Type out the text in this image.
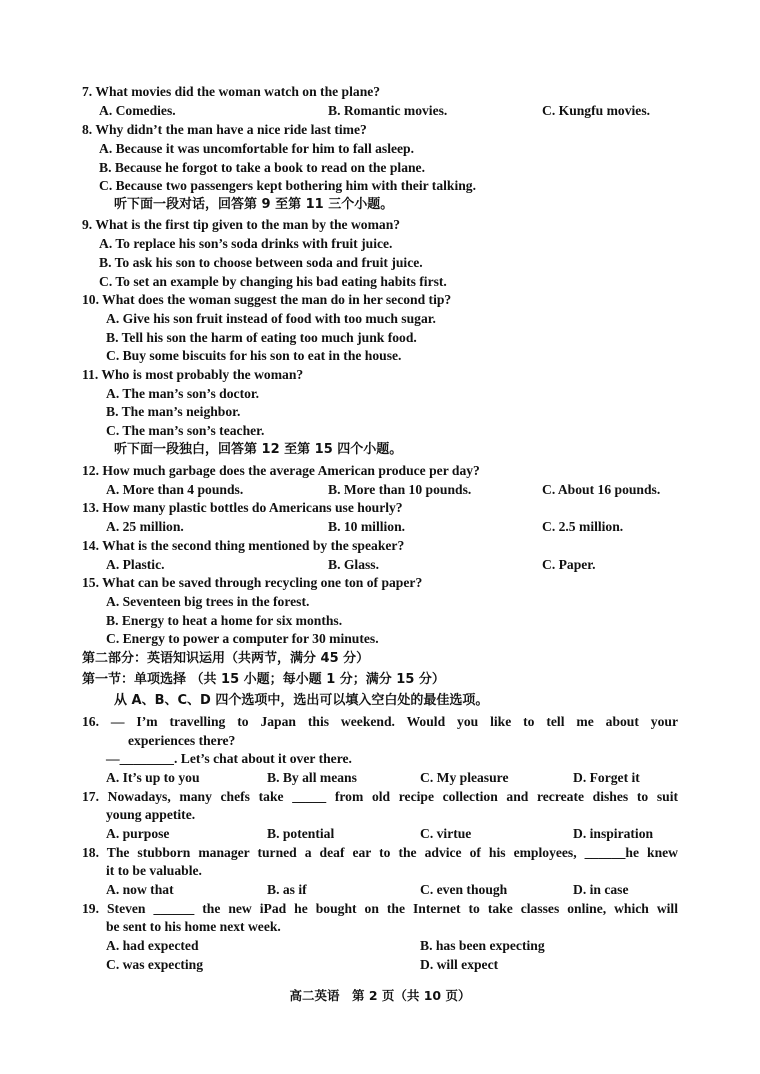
7. What movies did the woman watch on the plane?
A. Comedies.	B. Romantic movies.	C. Kungfu movies.
8. Why didn’t the man have a nice ride last time?
A. Because it was uncomfortable for him to fall asleep.
B. Because he forgot to take a book to read on the plane.
C. Because two passengers kept bothering him with their talking.
听下面一段对话，回答第 9 至第 11 三个小题。
9. What is the first tip given to the man by the woman?
A. To replace his son’s soda drinks with fruit juice.
B. To ask his son to choose between soda and fruit juice.
C. To set an example by changing his bad eating habits first.
10. What does the woman suggest the man do in her second tip?
A. Give his son fruit instead of food with too much sugar.
B. Tell his son the harm of eating too much junk food.
C. Buy some biscuits for his son to eat in the house.
11. Who is most probably the woman?
A. The man’s son’s doctor.
B. The man’s neighbor.
C. The man’s son’s teacher.
听下面一段独白，回答第 12 至第 15 四个小题。
12. How much garbage does the average American produce per day?
A. More than 4 pounds.	B. More than 10 pounds.	C. About 16 pounds.
13. How many plastic bottles do Americans use hourly?
A. 25 million.	B. 10 million.	C. 2.5 million.
14. What is the second thing mentioned by the speaker?
A. Plastic.	B. Glass.	C. Paper.
15. What can be saved through recycling one ton of paper?
A. Seventeen big trees in the forest.
B. Energy to heat a home for six months.
C. Energy to power a computer for 30 minutes.
第二部分：英语知识运用（共两节，满分 45 分）
第一节：单项选择 （共 15 小题；每小题 1 分；满分 15 分）
从 A、B、C、D 四个选项中，选出可以填入空白处的最佳选项。
16. — I’m travelling to Japan this weekend. Would you like to tell me about your
experiences there?
—________. Let’s chat about it over there.
A. It’s up to you	B. By all means	C. My pleasure	D. Forget it
17. Nowadays, many chefs take _____ from old recipe collection and recreate dishes to suit
young appetite.
A. purpose	B. potential	C. virtue	D. inspiration
18. The stubborn manager turned a deaf ear to the advice of his employees, ______he knew
it to be valuable.
A. now that	B. as if	C. even though	D. in case
19. Steven ______ the new iPad he bought on the Internet to take classes online, which will
be sent to his home next week.
A. had expected	B. has been expecting
C. was expecting	D. will expect
高二英语　第 2 页（共 10 页）
